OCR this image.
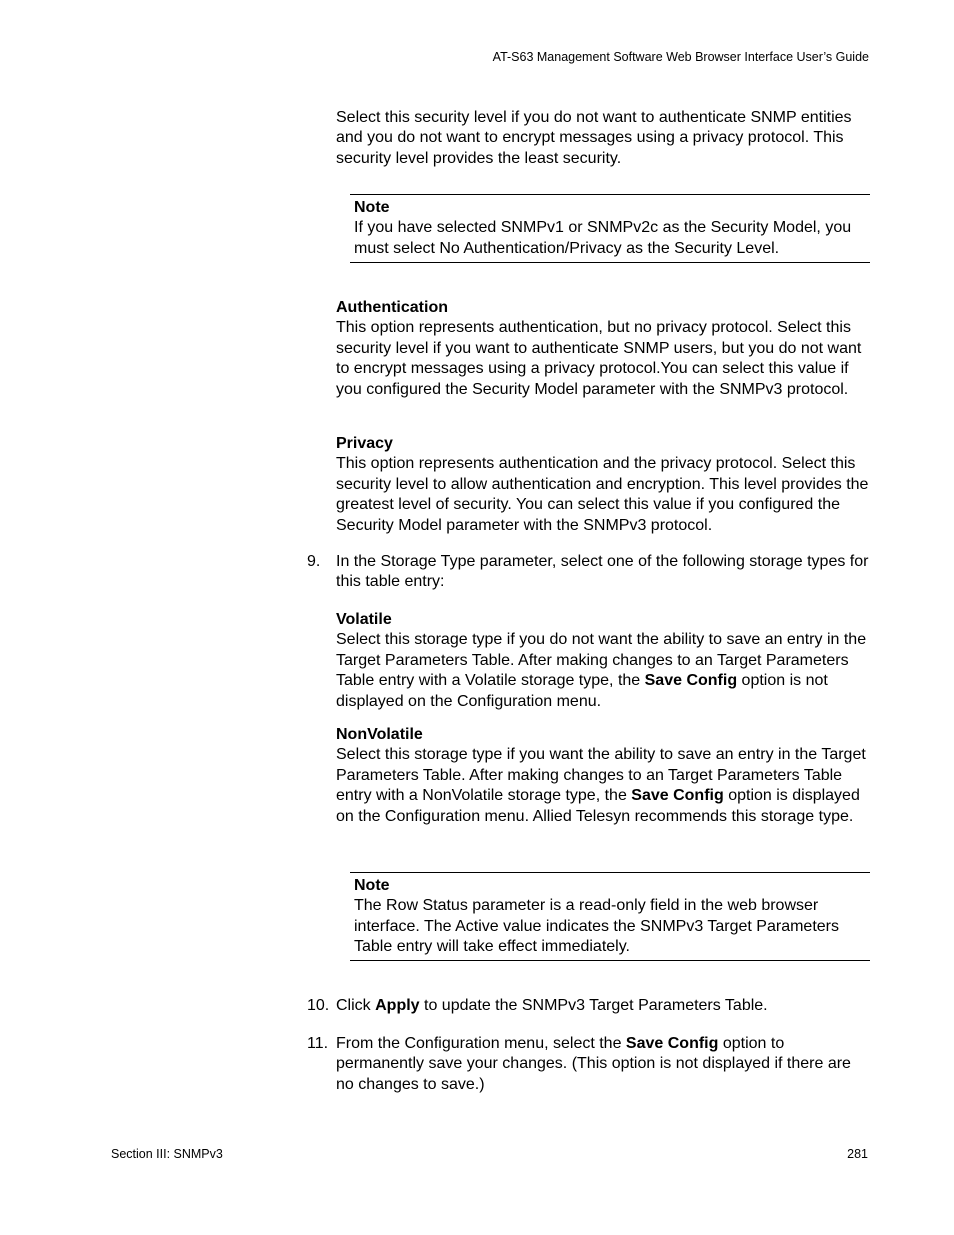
AT-S63 Management Software Web Browser Interface User’s Guide
Select this security level if you do not want to authenticate SNMP entities and you do not want to encrypt messages using a privacy protocol. This security level provides the least security.
Note
If you have selected SNMPv1 or SNMPv2c as the Security Model, you must select No Authentication/Privacy as the Security Level.
Authentication
This option represents authentication, but no privacy protocol. Select this security level if you want to authenticate SNMP users, but you do not want to encrypt messages using a privacy protocol.You can select this value if you configured the Security Model parameter with the SNMPv3 protocol.
Privacy
This option represents authentication and the privacy protocol. Select this security level to allow authentication and encryption. This level provides the greatest level of security. You can select this value if you configured the Security Model parameter with the SNMPv3 protocol.
9. In the Storage Type parameter, select one of the following storage types for this table entry:
Volatile
Select this storage type if you do not want the ability to save an entry in the Target Parameters Table. After making changes to an Target Parameters Table entry with a Volatile storage type, the Save Config option is not displayed on the Configuration menu.
NonVolatile
Select this storage type if you want the ability to save an entry in the Target Parameters Table. After making changes to an Target Parameters Table entry with a NonVolatile storage type, the Save Config option is displayed on the Configuration menu. Allied Telesyn recommends this storage type.
Note
The Row Status parameter is a read-only field in the web browser interface. The Active value indicates the SNMPv3 Target Parameters Table entry will take effect immediately.
10. Click Apply to update the SNMPv3 Target Parameters Table.
11. From the Configuration menu, select the Save Config option to permanently save your changes. (This option is not displayed if there are no changes to save.)
Section III: SNMPv3	281
